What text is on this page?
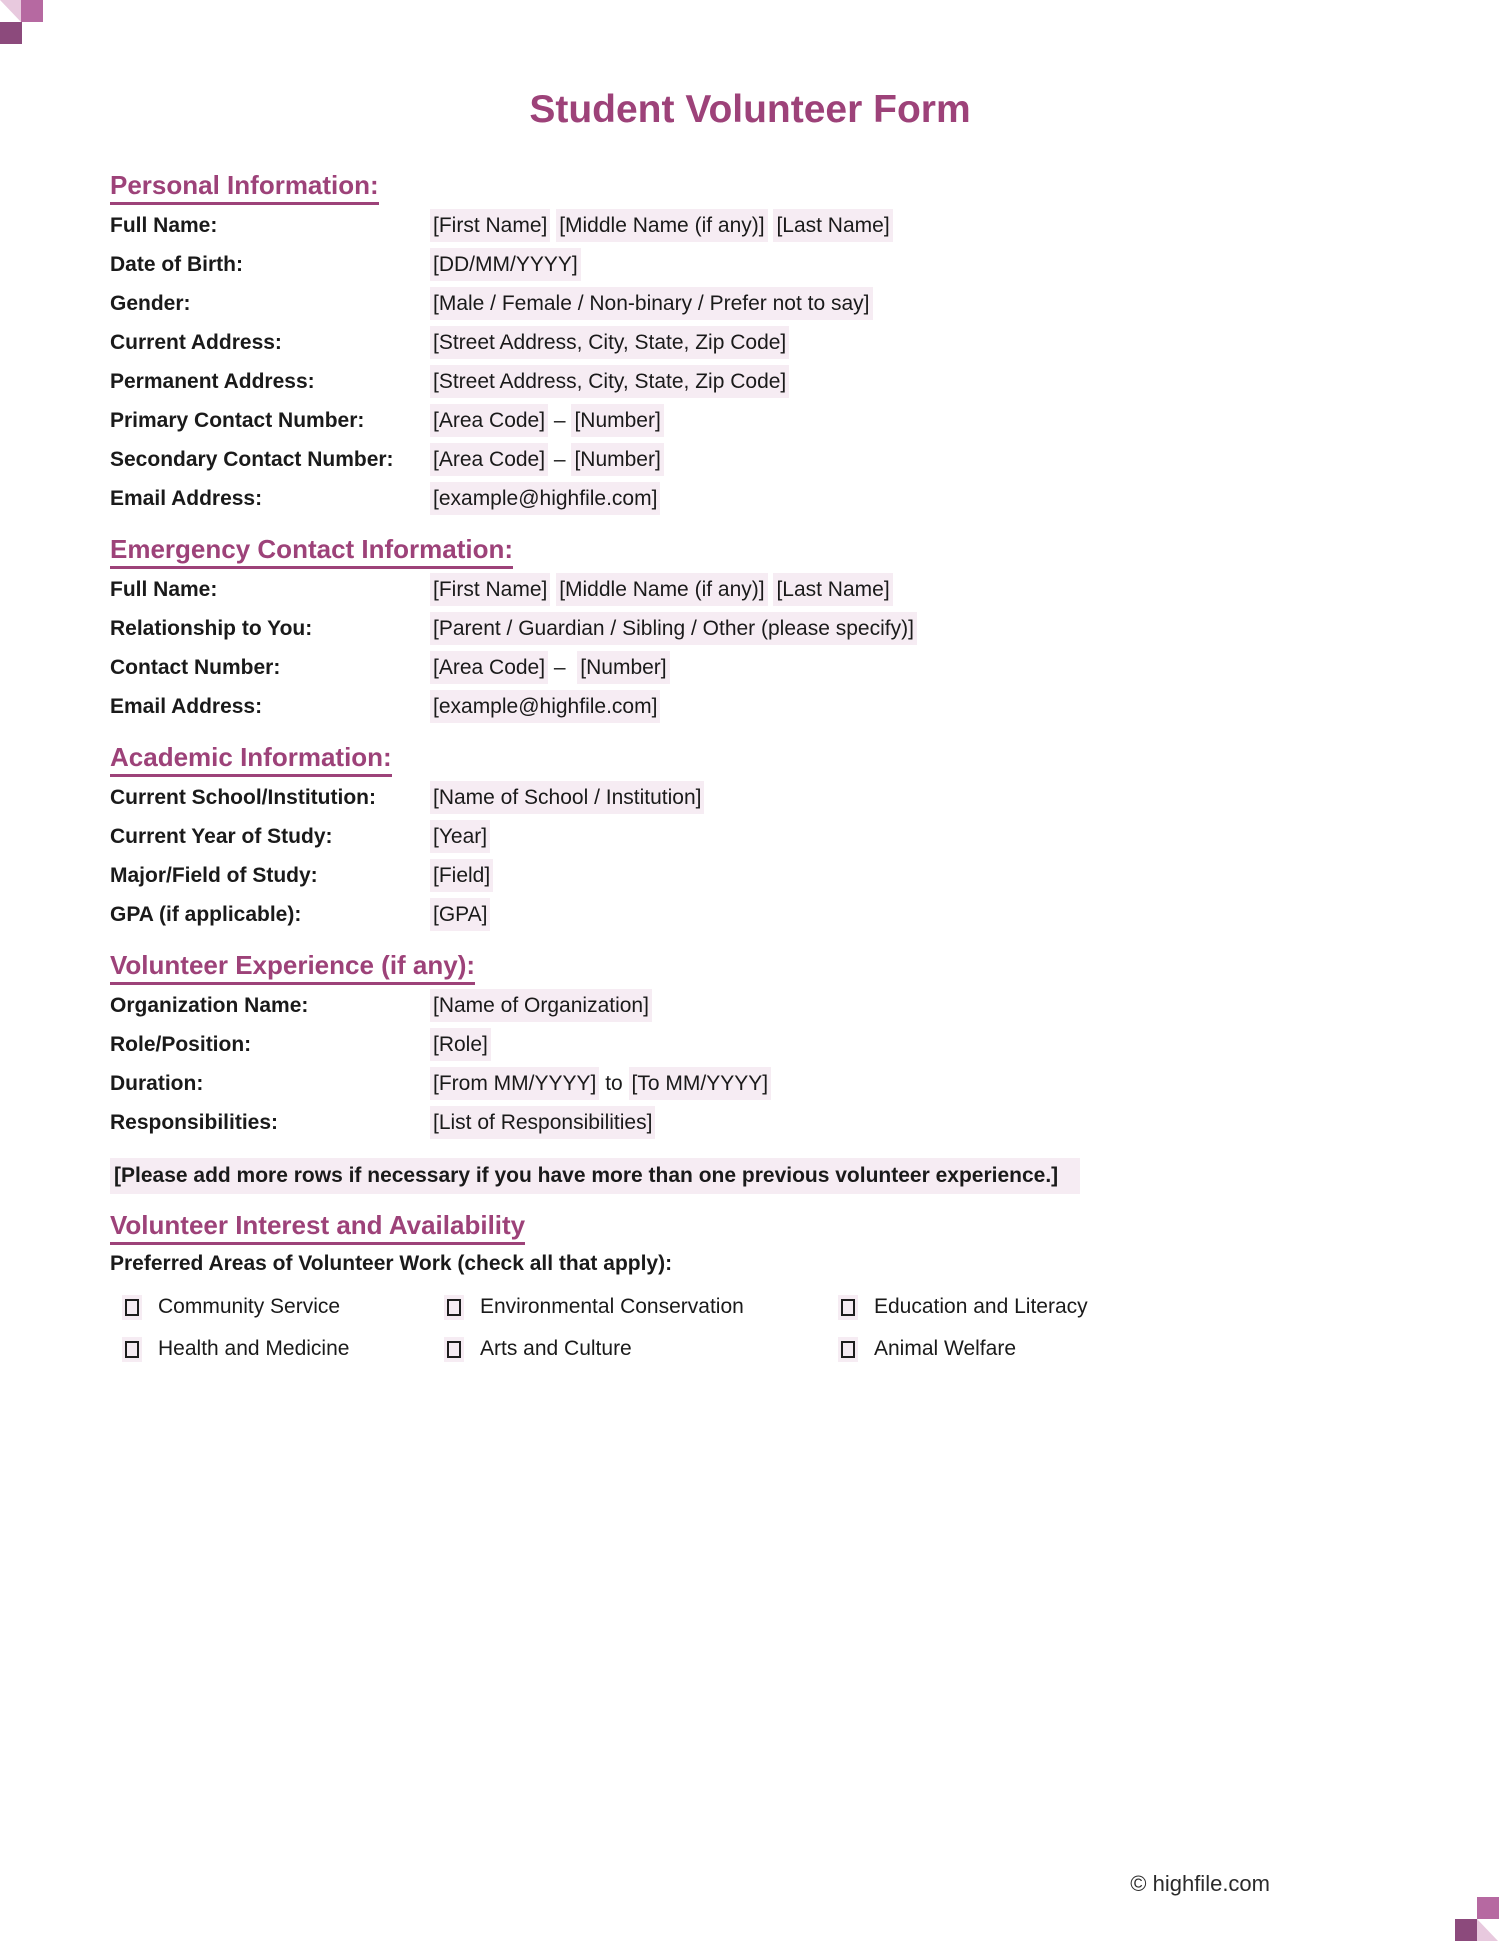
Student Volunteer Form
Personal Information:
Full Name:	[First Name] [Middle Name (if any)] [Last Name]
Date of Birth:	[DD/MM/YYYY]
Gender:	[Male / Female / Non-binary / Prefer not to say]
Current Address:	[Street Address, City, State, Zip Code]
Permanent Address:	[Street Address, City, State, Zip Code]
Primary Contact Number:	[Area Code] – [Number]
Secondary Contact Number:	[Area Code] – [Number]
Email Address:	[example@highfile.com]
Emergency Contact Information:
Full Name:	[First Name] [Middle Name (if any)] [Last Name]
Relationship to You:	[Parent / Guardian / Sibling / Other (please specify)]
Contact Number:	[Area Code] –  [Number]
Email Address:	[example@highfile.com]
Academic Information:
Current School/Institution:	[Name of School / Institution]
Current Year of Study:	[Year]
Major/Field of Study:	[Field]
GPA (if applicable):	[GPA]
Volunteer Experience (if any):
Organization Name:	[Name of Organization]
Role/Position:	[Role]
Duration:	[From MM/YYYY] to [To MM/YYYY]
Responsibilities:	[List of Responsibilities]
[Please add more rows if necessary if you have more than one previous volunteer experience.]
Volunteer Interest and Availability

Preferred Areas of Volunteer Work (check all that apply):

Community Service	Environmental Conservation	Education and Literacy
Health and Medicine	Arts and Culture	Animal Welfare
© highfile.com
